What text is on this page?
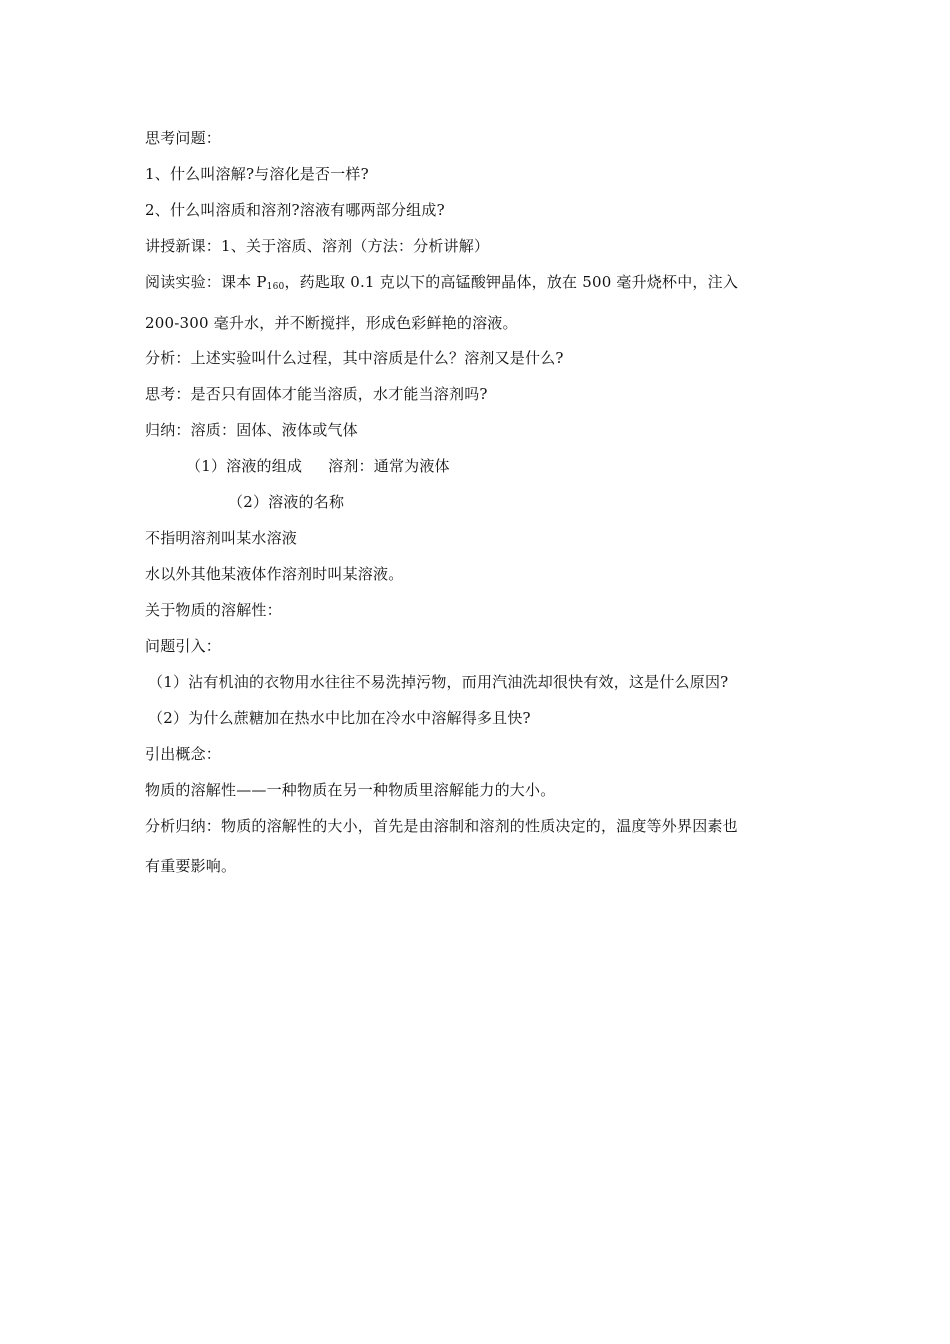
思考问题：
1、什么叫溶解?与溶化是否一样?
2、什么叫溶质和溶剂?溶液有哪两部分组成?
讲授新课：1、关于溶质、溶剂（方法：分析讲解）
阅读实验：课本 $P_{160}$，药匙取 0.1 克以下的高锰酸钾晶体，放在 500 毫升烧杯中，注入
200-300 毫升水，并不断搅拌，形成色彩鲜艳的溶液。
分析：上述实验叫什么过程，其中溶质是什么？溶剂又是什么?
思考：是否只有固体才能当溶质，水才能当溶剂吗?
归纳：溶质：固体、液体或气体
（1）溶液的组成 溶剂：通常为液体
（2）溶液的名称
不指明溶剂叫某水溶液
水以外其他某液体作溶剂时叫某溶液。
关于物质的溶解性：
问题引入：
（1）沾有机油的衣物用水往往不易洗掉污物，而用汽油洗却很快有效，这是什么原因?
（2）为什么蔗糖加在热水中比加在冷水中溶解得多且快?
引出概念：
物质的溶解性——一种物质在另一种物质里溶解能力的大小。
分析归纳：物质的溶解性的大小，首先是由溶制和溶剂的性质决定的，温度等外界因素也
有重要影响。
